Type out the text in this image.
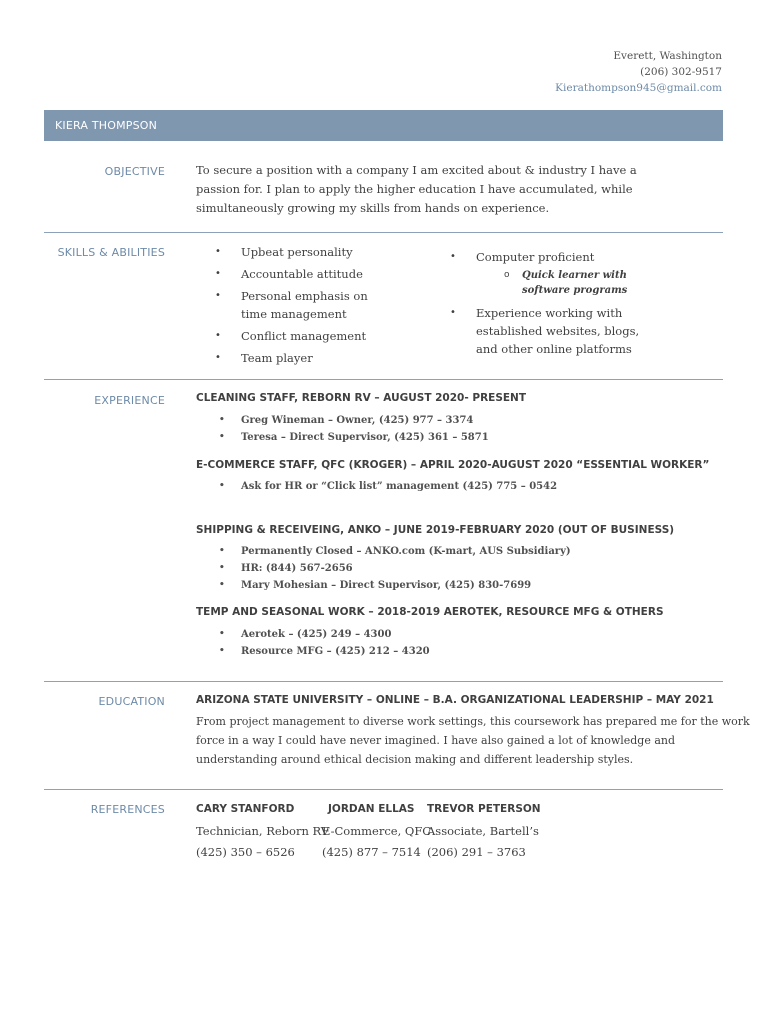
Everett, Washington
(206) 302-9517
Kierathompson945@gmail.com
KIERA THOMPSON
OBJECTIVE	To secure a position with a company I am excited about & industry I have a
passion for. I plan to apply the higher education I have accumulated, while
simultaneously growing my skills from hands on experience.
SKILLS & ABILITIES
•	Upbeat personality
• Accountable attitude
• Personal emphasis on time management
• Conflict management
• Team player
• Computer proficient
o Quick learner with software programs
• Experience working with established websites, blogs, and other online platforms
EXPERIENCE	CLEANING STAFF, REBORN RV – AUGUST 2020- PRESENT
• Greg Wineman – Owner, (425) 977 – 3374
• Teresa – Direct Supervisor, (425) 361 – 5871
E-COMMERCE STAFF, QFC (KROGER) – APRIL 2020-AUGUST 2020 “ESSENTIAL WORKER”
• Ask for HR or “Click list” management (425) 775 – 0542
SHIPPING & RECEIVEING, ANKO – JUNE 2019-FEBRUARY 2020 (OUT OF BUSINESS)
• Permanently Closed – ANKO.com (K-mart, AUS Subsidiary)
• HR: (844) 567-2656
• Mary Mohesian – Direct Supervisor, (425) 830-7699
TEMP AND SEASONAL WORK – 2018-2019 AEROTEK, RESOURCE MFG & OTHERS
• Aerotek – (425) 249 – 4300
• Resource MFG – (425) 212 – 4320
EDUCATION	ARIZONA STATE UNIVERSITY – ONLINE – B.A. ORGANIZATIONAL LEADERSHIP – MAY 2021
From project management to diverse work settings, this coursework has prepared me for the work
force in a way I could have never imagined. I have also gained a lot of knowledge and
understanding around ethical decision making and different leadership styles.
REFERENCES	CARY STANFORD
Technician, Reborn RV
(425) 350 – 6526
JORDAN ELLAS
E-Commerce, QFC
(425) 877 – 7514
TREVOR PETERSON
Associate, Bartell’s
(206) 291 – 3763
